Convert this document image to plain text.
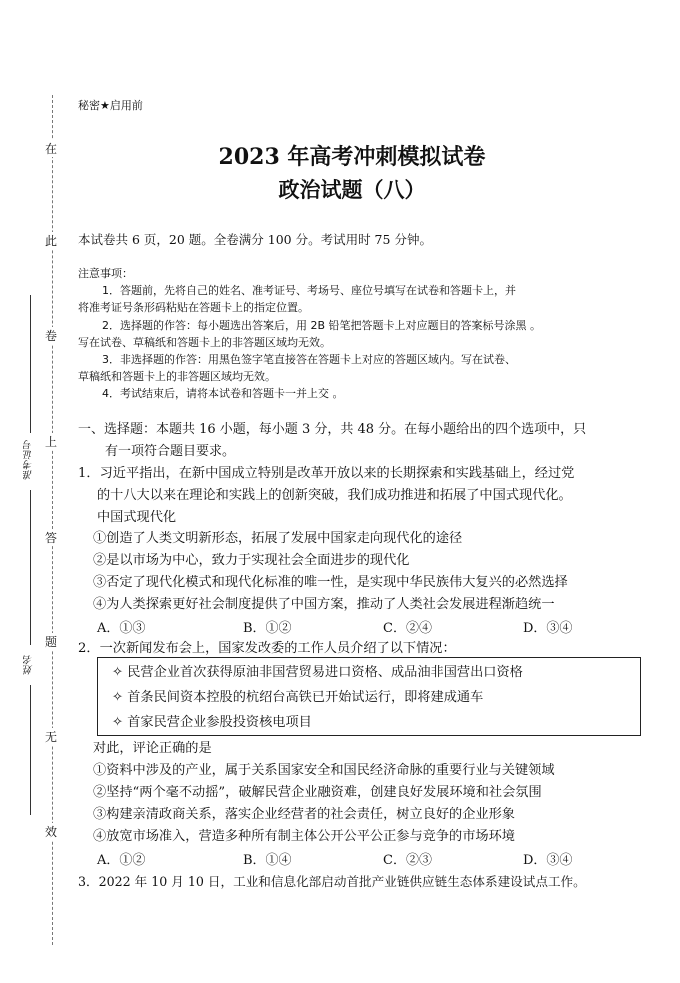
在
此
卷
上
答
题
无
效
准考证号
姓名
秘密★启用前
2023 年高考冲刺模拟试卷
政治试题（八）
本试卷共 6 页，20 题。全卷满分 100 分。考试用时 75 分钟。
注意事项：
1．答题前，先将自己的姓名、准考证号、考场号、座位号填写在试卷和答题卡上，并
将准考证号条形码粘贴在答题卡上的指定位置。
2．选择题的作答：每小题选出答案后，用 2B 铅笔把答题卡上对应题目的答案标号涂黑 。
写在试卷、草稿纸和答题卡上的非答题区域均无效。
3．非选择题的作答：用黑色签字笔直接答在答题卡上对应的答题区域内。写在试卷、
草稿纸和答题卡上的非答题区域均无效。
4．考试结束后，请将本试卷和答题卡一并上交 。
一、选择题：本题共 16 小题，每小题 3 分，共 48 分。在每小题给出的四个选项中，只
有一项符合题目要求。
1．习近平指出，在新中国成立特别是改革开放以来的长期探索和实践基础上，经过党
的十八大以来在理论和实践上的创新突破，我们成功推进和拓展了中国式现代化。
中国式现代化
①创造了人类文明新形态，拓展了发展中国家走向现代化的途径
②是以市场为中心，致力于实现社会全面进步的现代化
③否定了现代化模式和现代化标准的唯一性，是实现中华民族伟大复兴的必然选择
④为人类探索更好社会制度提供了中国方案，推动了人类社会发展进程渐趋统一
A．①③	B．①②	C．②④	D．③④
2．一次新闻发布会上，国家发改委的工作人员介绍了以下情况：
✧ 民营企业首次获得原油非国营贸易进口资格、成品油非国营出口资格
✧ 首条民间资本控股的杭绍台高铁已开始试运行，即将建成通车
✧ 首家民营企业参股投资核电项目
对此，评论正确的是
①资料中涉及的产业，属于关系国家安全和国民经济命脉的重要行业与关键领域
②坚持“两个毫不动摇”，破解民营企业融资难，创建良好发展环境和社会氛围
③构建亲清政商关系，落实企业经营者的社会责任，树立良好的企业形象
④放宽市场准入，营造多种所有制主体公开公平公正参与竞争的市场环境
A．①②	B．①④	C．②③	D．③④
3．2022 年 10 月 10 日，工业和信息化部启动首批产业链供应链生态体系建设试点工作。
